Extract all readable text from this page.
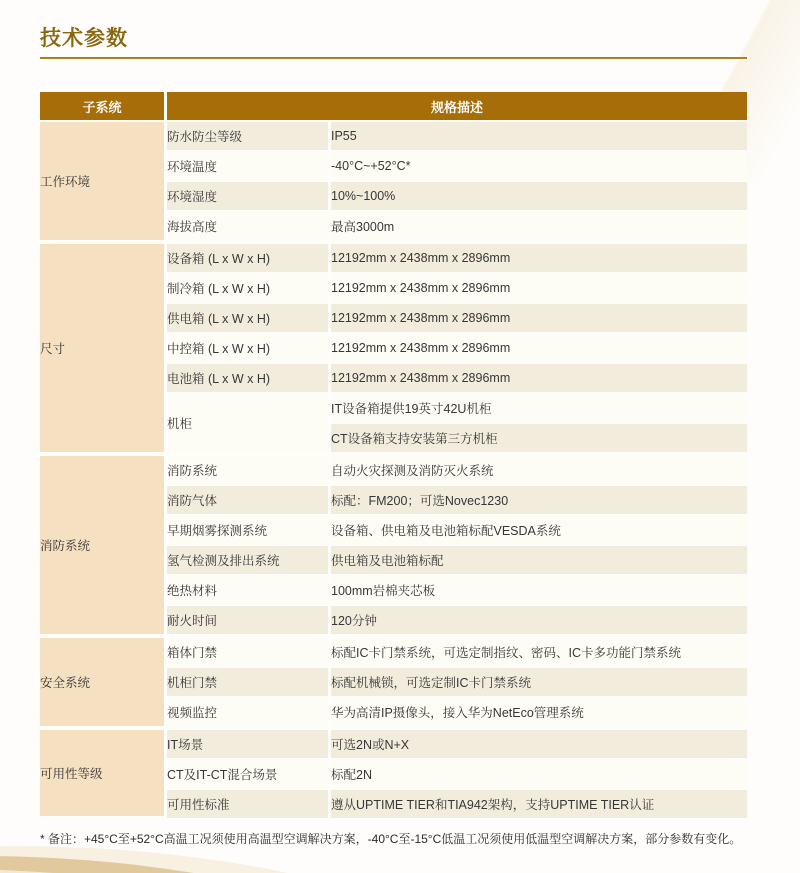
技术参数
子系统	规格描述	
工作环境	防水防尘等级	IP55
	环境温度	-40°C~+52°C*
	环境湿度	10%~100%
	海拔高度	最高3000m
尺寸	设备箱 (L x W x H)	12192mm x 2438mm x 2896mm
	制冷箱 (L x W x H)	12192mm x 2438mm x 2896mm
	供电箱 (L x W x H)	12192mm x 2438mm x 2896mm
	中控箱 (L x W x H)	12192mm x 2438mm x 2896mm
	电池箱 (L x W x H)	12192mm x 2438mm x 2896mm
	机柜	IT设备箱提供19英寸42U机柜
		CT设备箱支持安装第三方机柜
消防系统	消防系统	自动火灾探测及消防灭火系统
	消防气体	标配：FM200；可选Novec1230
	早期烟雾探测系统	设备箱、供电箱及电池箱标配VESDA系统
	氢气检测及排出系统	供电箱及电池箱标配
	绝热材料	100mm岩棉夹芯板
	耐火时间	120分钟
安全系统	箱体门禁	标配IC卡门禁系统，可选定制指纹、密码、IC卡多功能门禁系统
	机柜门禁	标配机械锁，可选定制IC卡门禁系统
	视频监控	华为高清IP摄像头，接入华为NetEco管理系统
可用性等级	IT场景	可选2N或N+X
	CT及IT-CT混合场景	标配2N
	可用性标准	遵从UPTIME TIER和TIA942架构，支持UPTIME TIER认证
* 备注：+45°C至+52°C高温工况须使用高温型空调解决方案，-40°C至-15°C低温工况须使用低温型空调解决方案，部分参数有变化。
